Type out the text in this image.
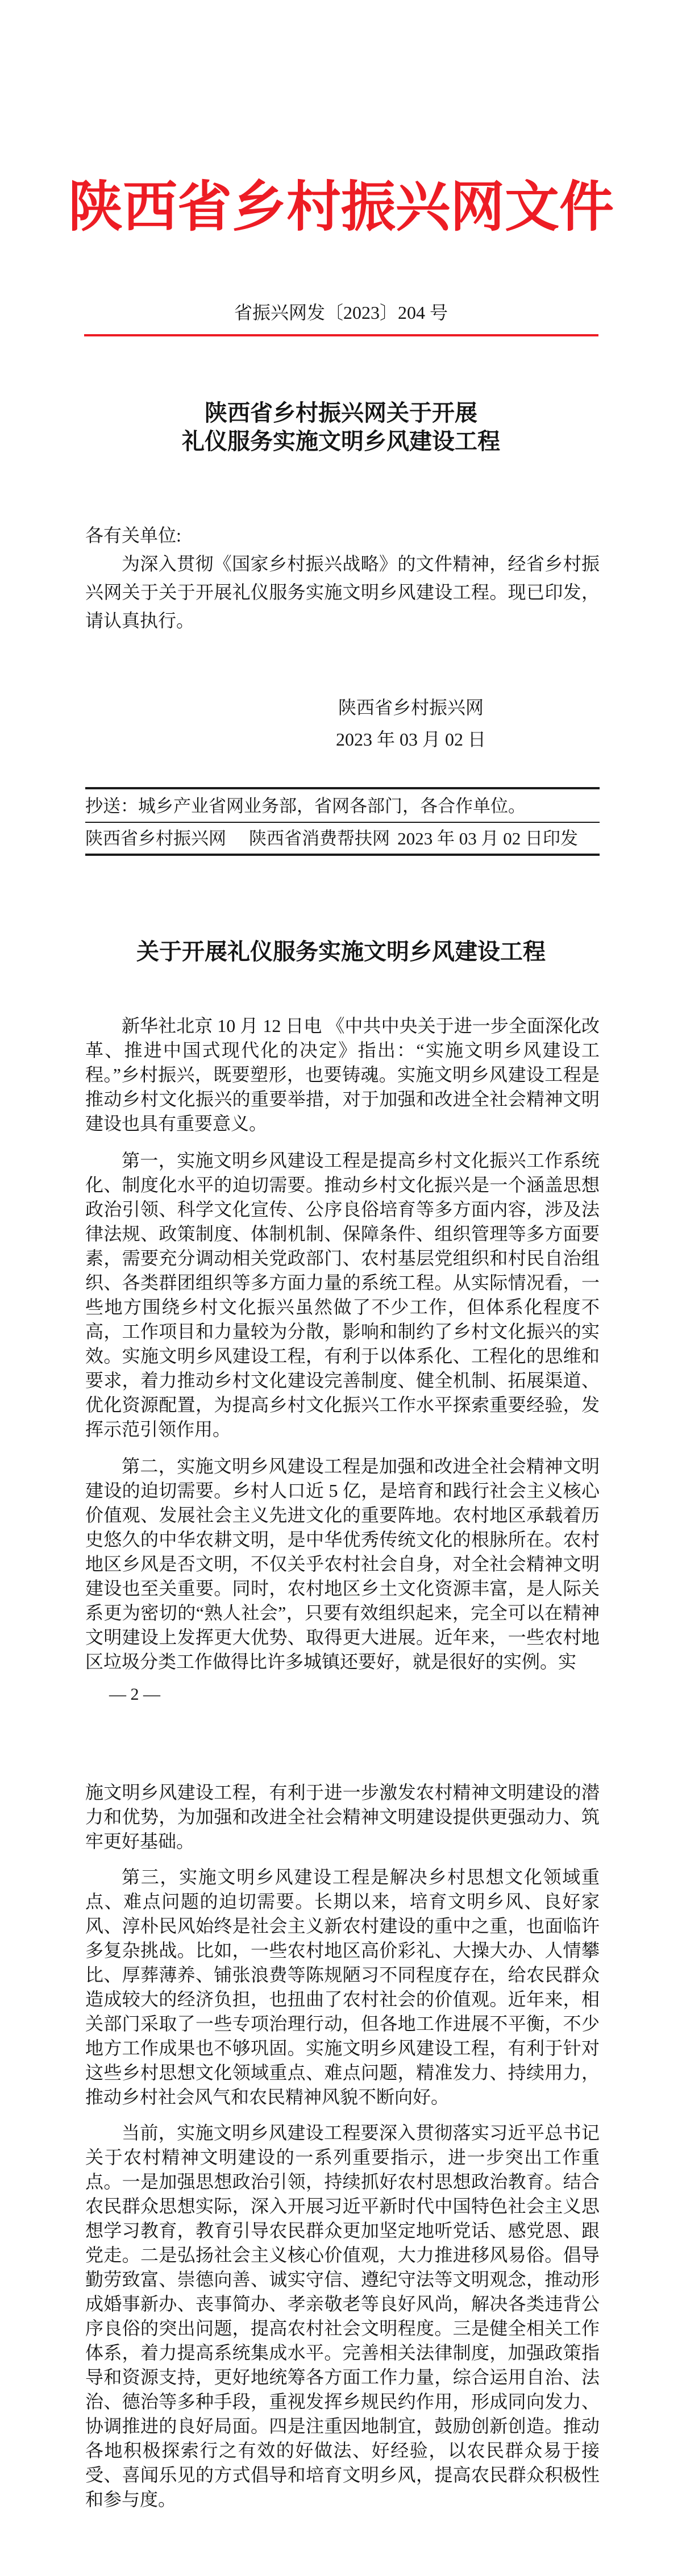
陕西省乡村振兴网文件
省振兴网发〔2023〕204 号
陕西省乡村振兴网关于开展
礼仪服务实施文明乡风建设工程
各有关单位:

为深入贯彻《国家乡村振兴战略》的文件精神，经省乡村振兴网关于关于开展礼仪服务实施文明乡风建设工程。现已印发，请认真执行。

陕西省乡村振兴网
2023 年 03 月 02 日
抄送：城乡产业省网业务部，省网各部门，各合作单位。
陕西省乡村振兴网 陕西省消费帮扶网 2023 年 03 月 02 日印发
关于开展礼仪服务实施文明乡风建设工程

新华社北京 10 月 12 日电 《中共中央关于进一步全面深化改革、推进中国式现代化的决定》指出：“实施文明乡风建设工程。”乡村振兴，既要塑形，也要铸魂。实施文明乡风建设工程是推动乡村文化振兴的重要举措，对于加强和改进全社会精神文明建设也具有重要意义。

第一，实施文明乡风建设工程是提高乡村文化振兴工作系统化、制度化水平的迫切需要。推动乡村文化振兴是一个涵盖思想政治引领、科学文化宣传、公序良俗培育等多方面内容，涉及法律法规、政策制度、体制机制、保障条件、组织管理等多方面要素，需要充分调动相关党政部门、农村基层党组织和村民自治组织、各类群团组织等多方面力量的系统工程。从实际情况看，一些地方围绕乡村文化振兴虽然做了不少工作，但体系化程度不高，工作项目和力量较为分散，影响和制约了乡村文化振兴的实效。实施文明乡风建设工程，有利于以体系化、工程化的思维和要求，着力推动乡村文化建设完善制度、健全机制、拓展渠道、优化资源配置，为提高乡村文化振兴工作水平探索重要经验，发挥示范引领作用。

第二，实施文明乡风建设工程是加强和改进全社会精神文明建设的迫切需要。乡村人口近 5 亿，是培育和践行社会主义核心价值观、发展社会主义先进文化的重要阵地。农村地区承载着历史悠久的中华农耕文明，是中华优秀传统文化的根脉所在。农村地区乡风是否文明，不仅关乎农村社会自身，对全社会精神文明建设也至关重要。同时，农村地区乡土文化资源丰富，是人际关系更为密切的“熟人社会”，只要有效组织起来，完全可以在精神文明建设上发挥更大优势、取得更大进展。近年来，一些农村地区垃圾分类工作做得比许多城镇还要好，就是很好的实例。实

— 2 —

施文明乡风建设工程，有利于进一步激发农村精神文明建设的潜力和优势，为加强和改进全社会精神文明建设提供更强动力、筑牢更好基础。

第三，实施文明乡风建设工程是解决乡村思想文化领域重点、难点问题的迫切需要。长期以来，培育文明乡风、良好家风、淳朴民风始终是社会主义新农村建设的重中之重，也面临许多复杂挑战。比如，一些农村地区高价彩礼、大操大办、人情攀比、厚葬薄养、铺张浪费等陈规陋习不同程度存在，给农民群众造成较大的经济负担，也扭曲了农村社会的价值观。近年来，相关部门采取了一些专项治理行动，但各地工作进展不平衡，不少地方工作成果也不够巩固。实施文明乡风建设工程，有利于针对这些乡村思想文化领域重点、难点问题，精准发力、持续用力，推动乡村社会风气和农民精神风貌不断向好。

当前，实施文明乡风建设工程要深入贯彻落实习近平总书记关于农村精神文明建设的一系列重要指示，进一步突出工作重点。一是加强思想政治引领，持续抓好农村思想政治教育。结合农民群众思想实际，深入开展习近平新时代中国特色社会主义思想学习教育，教育引导农民群众更加坚定地听党话、感党恩、跟党走。二是弘扬社会主义核心价值观，大力推进移风易俗。倡导勤劳致富、崇德向善、诚实守信、遵纪守法等文明观念，推动形成婚事新办、丧事简办、孝亲敬老等良好风尚，解决各类违背公序良俗的突出问题，提高农村社会文明程度。三是健全相关工作体系，着力提高系统集成水平。完善相关法律制度，加强政策指导和资源支持，更好地统筹各方面工作力量，综合运用自治、法治、德治等多种手段，重视发挥乡规民约作用，形成同向发力、协调推进的良好局面。四是注重因地制宜，鼓励创新创造。推动各地积极探索行之有效的好做法、好经验，以农民群众易于接受、喜闻乐见的方式倡导和培育文明乡风，提高农民群众积极性和参与度。
